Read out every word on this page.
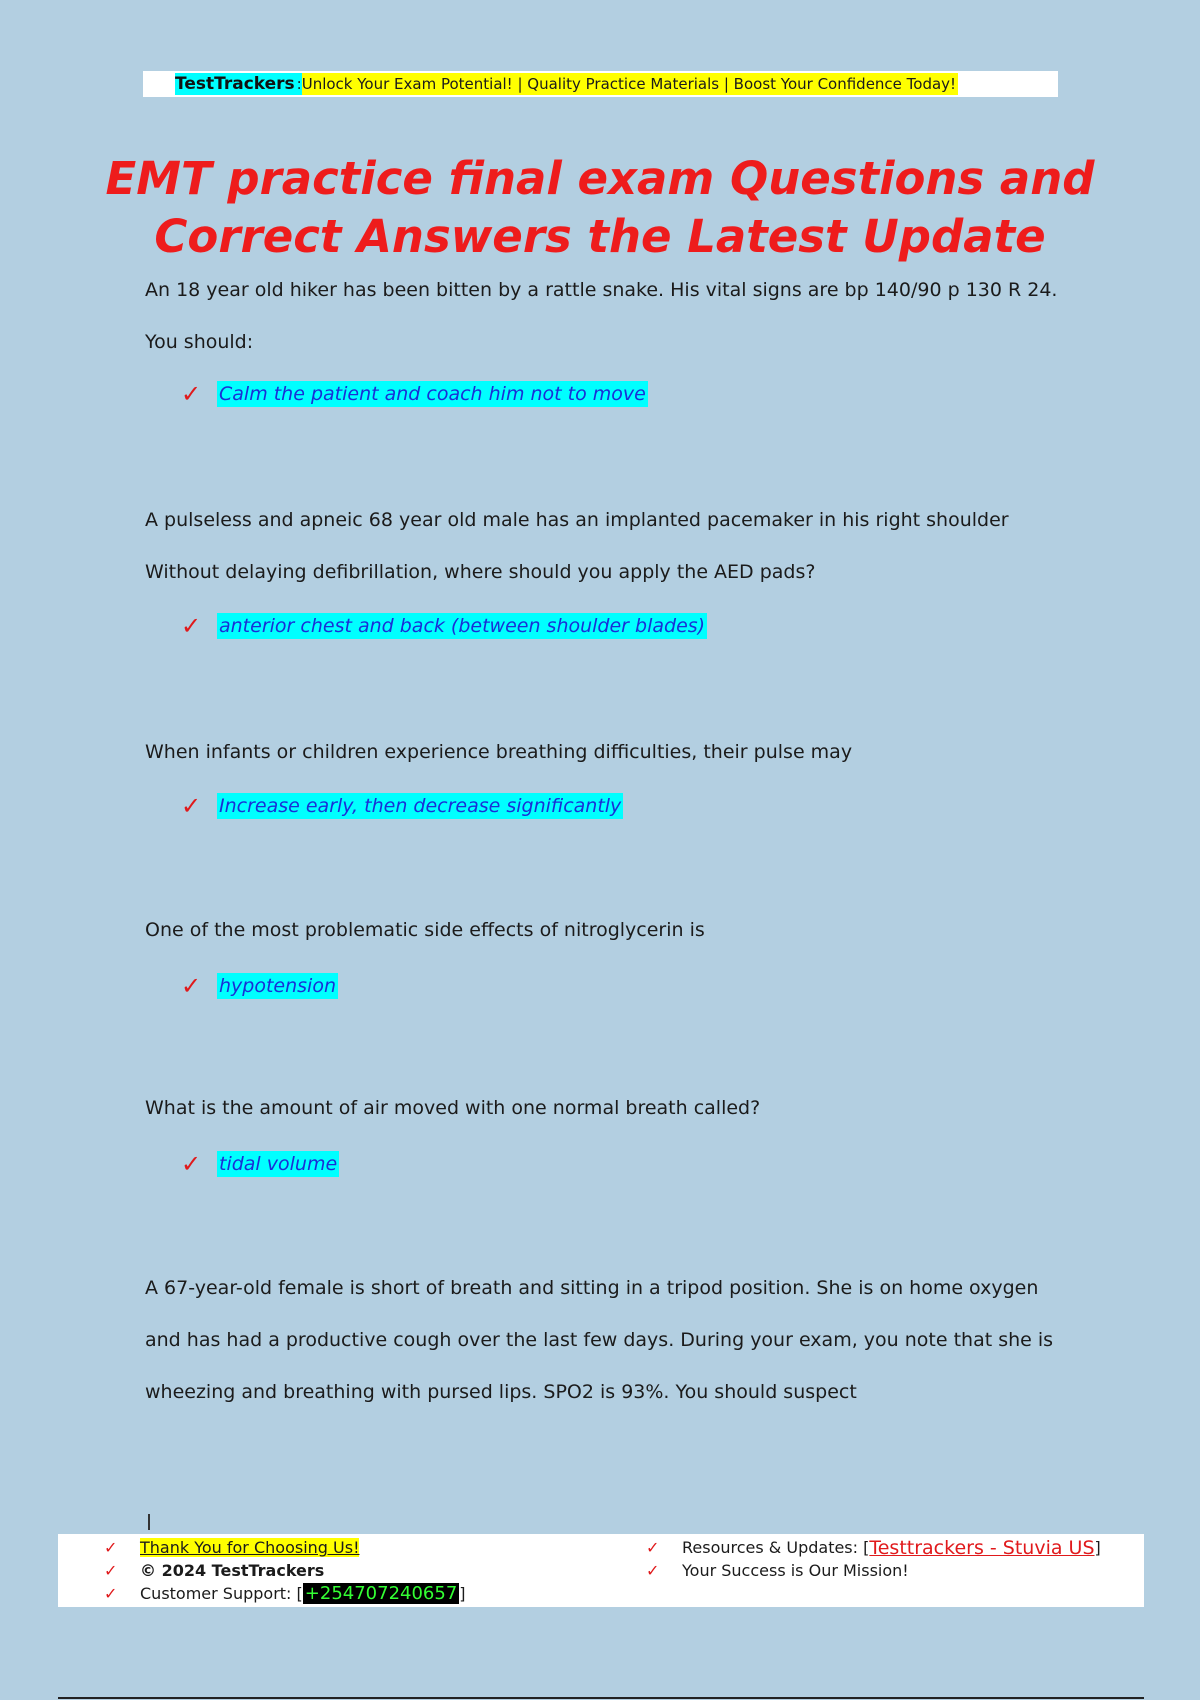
TestTrackers : Unlock Your Exam Potential! | Quality Practice Materials | Boost Your Confidence Today!
EMT practice final exam Questions and Correct Answers the Latest Update

An 18 year old hiker has been bitten by a rattle snake. His vital signs are bp 140/90 p 130 R 24. You should:

✓ Calm the patient and coach him not to move

A pulseless and apneic 68 year old male has an implanted pacemaker in his right shoulder Without delaying defibrillation, where should you apply the AED pads?

✓ anterior chest and back (between shoulder blades)

When infants or children experience breathing difficulties, their pulse may

✓ Increase early, then decrease significantly

One of the most problematic side effects of nitroglycerin is

✓ hypotension

What is the amount of air moved with one normal breath called?

✓ tidal volume

A 67-year-old female is short of breath and sitting in a tripod position. She is on home oxygen and has had a productive cough over the last few days. During your exam, you note that she is wheezing and breathing with pursed lips. SPO2 is 93%. You should suspect

✓	Thank You for Choosing Us!
✓	© 2024 TestTrackers
✓	Customer Support: [ +254707240657 ]
✓	Resources & Updates: [ Testtrackers - Stuvia US ]
✓	Your Success is Our Mission!
